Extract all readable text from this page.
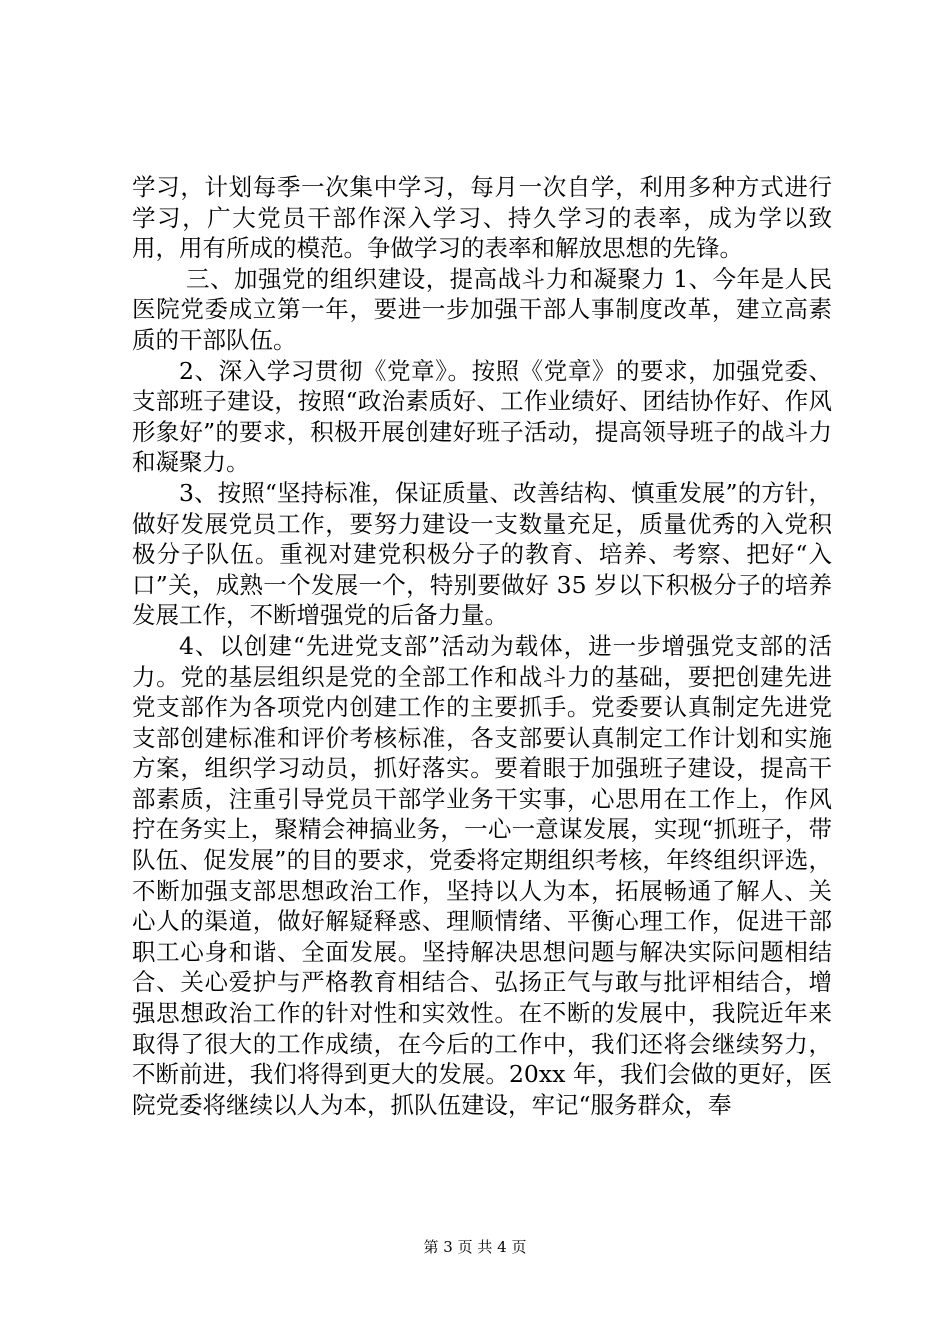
学习，计划每季一次集中学习，每月一次自学，利用多种方式进行学习，广大党员干部作深入学习、持久学习的表率，成为学以致用，用有所成的模范。争做学习的表率和解放思想的先锋。

三、加强党的组织建设，提高战斗力和凝聚力 1、今年是人民医院党委成立第一年，要进一步加强干部人事制度改革，建立高素质的干部队伍。

2、深入学习贯彻《党章》。按照《党章》的要求，加强党委、支部班子建设，按照“政治素质好、工作业绩好、团结协作好、作风形象好”的要求，积极开展创建好班子活动，提高领导班子的战斗力和凝聚力。

3、按照“坚持标准，保证质量、改善结构、慎重发展”的方针，做好发展党员工作，要努力建设一支数量充足，质量优秀的入党积极分子队伍。重视对建党积极分子的教育、培养、考察、把好“入口”关，成熟一个发展一个，特别要做好 35 岁以下积极分子的培养发展工作，不断增强党的后备力量。

4、以创建“先进党支部”活动为载体，进一步增强党支部的活力。党的基层组织是党的全部工作和战斗力的基础，要把创建先进党支部作为各项党内创建工作的主要抓手。党委要认真制定先进党支部创建标准和评价考核标准，各支部要认真制定工作计划和实施方案，组织学习动员，抓好落实。要着眼于加强班子建设，提高干部素质，注重引导党员干部学业务干实事，心思用在工作上，作风拧在务实上，聚精会神搞业务，一心一意谋发展，实现“抓班子，带队伍、促发展”的目的要求，党委将定期组织考核，年终组织评选，不断加强支部思想政治工作，坚持以人为本，拓展畅通了解人、关心人的渠道，做好解疑释惑、理顺情绪、平衡心理工作，促进干部职工心身和谐、全面发展。坚持解决思想问题与解决实际问题相结合、关心爱护与严格教育相结合、弘扬正气与敢与批评相结合，增强思想政治工作的针对性和实效性。在不断的发展中，我院近年来取得了很大的工作成绩，在今后的工作中，我们还将会继续努力，不断前进，我们将得到更大的发展。20xx 年，我们会做的更好，医院党委将继续以人为本，抓队伍建设，牢记“服务群众，奉

第 3 页 共 4 页
